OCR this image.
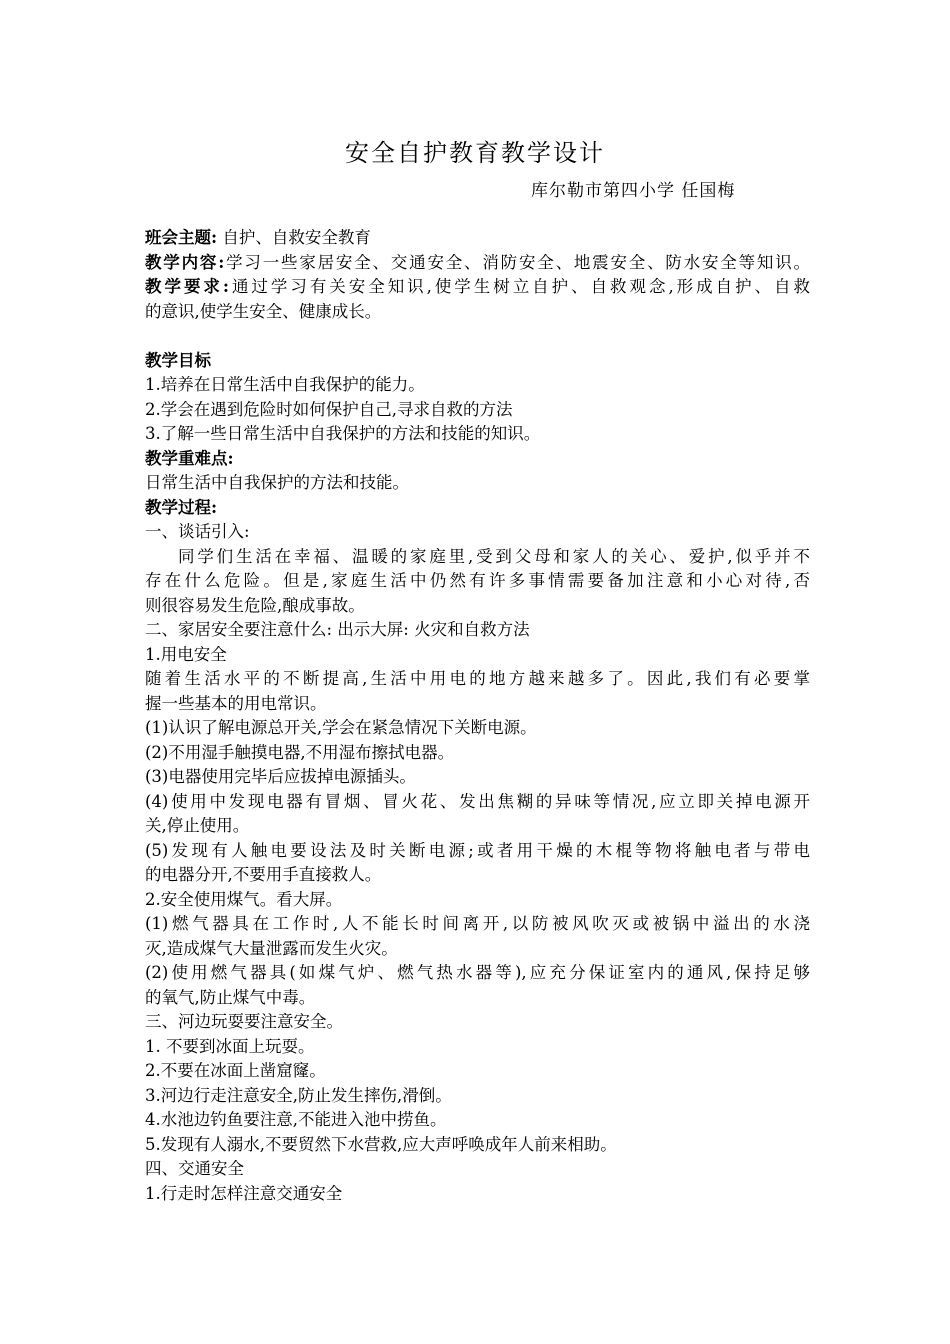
安全自护教育教学设计
库尔勒市第四小学 任国梅
班会主题: 自护、自救安全教育
教学内容:学习一些家居安全、交通安全、消防安全、地震安全、防水安全等知识。
教学要求:通过学习有关安全知识,使学生树立自护、自救观念,形成自护、自救
的意识,使学生安全、健康成长。
教学目标
1.培养在日常生活中自我保护的能力。
2.学会在遇到危险时如何保护自己,寻求自救的方法
3.了解一些日常生活中自我保护的方法和技能的知识。
教学重难点:
日常生活中自我保护的方法和技能。
教学过程:
一、谈话引入:
同学们生活在幸福、温暖的家庭里,受到父母和家人的关心、爱护,似乎并不
存在什么危险。但是,家庭生活中仍然有许多事情需要备加注意和小心对待,否
则很容易发生危险,酿成事故。
二、家居安全要注意什么: 出示大屏: 火灾和自救方法
1.用电安全
随着生活水平的不断提高,生活中用电的地方越来越多了。因此,我们有必要掌
握一些基本的用电常识。
(1)认识了解电源总开关,学会在紧急情况下关断电源。
(2)不用湿手触摸电器,不用湿布擦拭电器。
(3)电器使用完毕后应拔掉电源插头。
(4)使用中发现电器有冒烟、冒火花、发出焦糊的异味等情况,应立即关掉电源开
关,停止使用。
(5)发现有人触电要设法及时关断电源;或者用干燥的木棍等物将触电者与带电
的电器分开,不要用手直接救人。
2.安全使用煤气。看大屏。
(1)燃气器具在工作时,人不能长时间离开,以防被风吹灭或被锅中溢出的水浇
灭,造成煤气大量泄露而发生火灾。
(2)使用燃气器具(如煤气炉、燃气热水器等),应充分保证室内的通风,保持足够
的氧气,防止煤气中毒。
三、河边玩耍要注意安全。
1. 不要到冰面上玩耍。
2.不要在冰面上凿窟窿。
3.河边行走注意安全,防止发生摔伤,滑倒。
4.水池边钓鱼要注意,不能进入池中捞鱼。
5.发现有人溺水,不要贸然下水营救,应大声呼唤成年人前来相助。
四、交通安全
1.行走时怎样注意交通安全
